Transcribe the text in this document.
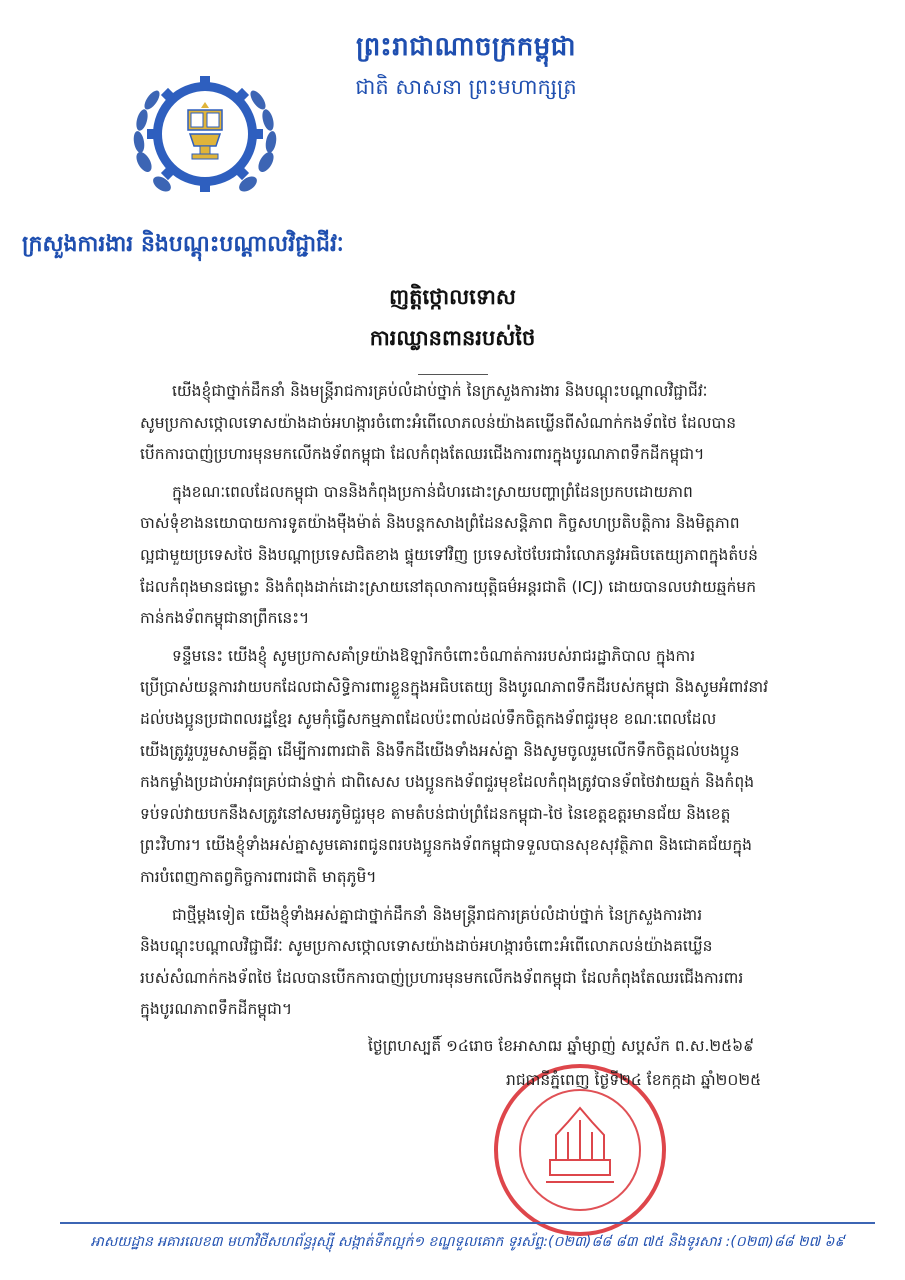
ព្រះរាជាណាចក្រកម្ពុជា
ជាតិ សាសនា ព្រះមហាក្សត្រ
ក្រសួងការងារ និងបណ្តុះបណ្តាលវិជ្ជាជីវៈ
ញត្តិថ្កោលទោស
ការឈ្លានពានរបស់ថៃ

យើងខ្ញុំជាថ្នាក់ដឹកនាំ និងមន្ត្រីរាជការគ្រប់លំដាប់ថ្នាក់ នៃក្រសួងការងារ និងបណ្តុះបណ្តាលវិជ្ជាជីវៈ
សូមប្រកាសថ្កោលទោសយ៉ាងដាច់អហង្ការចំពោះអំពើលោភលន់យ៉ាងគឃ្លើនពីសំណាក់កងទ័ពថៃ ដែលបាន
បើកការបាញ់ប្រហារមុនមកលើកងទ័ពកម្ពុជា ដែលកំពុងតែឈរជើងការពារក្នុងបូរណភាពទឹកដីកម្ពុជា។

ក្នុងខណៈពេលដែលកម្ពុជា បាននិងកំពុងប្រកាន់ជំហរដោះស្រាយបញ្ហាព្រំដែនប្រកបដោយភាព
ចាស់ទុំខាងនយោបាយការទូតយ៉ាងម៉ឺងម៉ាត់ និងបន្តកសាងព្រំដែនសន្តិភាព កិច្ចសហប្រតិបត្តិការ និងមិត្តភាព
ល្អជាមួយប្រទេសថៃ និងបណ្តាប្រទេសជិតខាង ផ្ទុយទៅវិញ ប្រទេសថៃបែរជារំលោភនូវអធិបតេយ្យភាពក្នុងតំបន់
ដែលកំពុងមានជម្លោះ និងកំពុងដាក់ដោះស្រាយនៅតុលាការយុត្តិធម៌អន្តរជាតិ (ICJ) ដោយបានលបវាយឆ្មក់មក
កាន់កងទ័ពកម្ពុជានាព្រឹកនេះ។

ទន្ទឹមនេះ យើងខ្ញុំ សូមប្រកាសគាំទ្រយ៉ាងឱឡារិកចំពោះចំណាត់ការរបស់រាជរដ្ឋាភិបាល ក្នុងការ
ប្រើប្រាស់យន្តការវាយបកដែលជាសិទ្ធិការពារខ្លួនក្នុងអធិបតេយ្យ និងបូរណភាពទឹកដីរបស់កម្ពុជា និងសូមអំពាវនាវ
ដល់បងប្អូនប្រជាពលរដ្ឋខ្មែរ សូមកុំធ្វើសកម្មភាពដែលប៉ះពាល់ដល់ទឹកចិត្តកងទ័ពជួរមុខ ខណៈពេលដែល
យើងត្រូវរួបរួមសាមគ្គីគ្នា ដើម្បីការពារជាតិ និងទឹកដីយើងទាំងអស់គ្នា និងសូមចូលរួមលើកទឹកចិត្តដល់បងប្អូន
កងកម្លាំងប្រដាប់អាវុធគ្រប់ជាន់ថ្នាក់ ជាពិសេស បងប្អូនកងទ័ពជួរមុខដែលកំពុងត្រូវបានទ័ពថៃវាយឆ្មក់ និងកំពុង
ទប់ទល់វាយបកនឹងសត្រូវនៅសមរភូមិជួរមុខ តាមតំបន់ជាប់ព្រំដែនកម្ពុជា-ថៃ នៃខេត្តឧត្តរមានជ័យ និងខេត្ត
ព្រះវិហារ។ យើងខ្ញុំទាំងអស់គ្នាសូមគោរពជូនពរបងប្អូនកងទ័ពកម្ពុជាទទួលបានសុខសុវត្ថិភាព និងជោគជ័យក្នុង
ការបំពេញកាតព្វកិច្ចការពារជាតិ មាតុភូមិ។

ជាថ្មីម្តងទៀត យើងខ្ញុំទាំងអស់គ្នាជាថ្នាក់ដឹកនាំ និងមន្ត្រីរាជការគ្រប់លំដាប់ថ្នាក់ នៃក្រសួងការងារ
និងបណ្តុះបណ្តាលវិជ្ជាជីវៈ សូមប្រកាសថ្កោលទោសយ៉ាងដាច់អហង្ការចំពោះអំពើលោភលន់យ៉ាងគឃ្លើន
របស់សំណាក់កងទ័ពថៃ ដែលបានបើកការបាញ់ប្រហារមុនមកលើកងទ័ពកម្ពុជា ដែលកំពុងតែឈរជើងការពារ
ក្នុងបូរណភាពទឹកដីកម្ពុជា។

ថ្ងៃព្រហស្បតិ៍ ១៤រោច ខែអាសាឍ ឆ្នាំម្សាញ់ សប្តស័ក ព.ស.២៥៦៩
រាជធានីភ្នំពេញ ថ្ងៃទី២៤ ខែកក្កដា ឆ្នាំ២០២៥
អាសយដ្ឋាន អគារលេខ៣ មហាវិថីសហព័ន្ធរុស្ស៊ី សង្កាត់ទឹកល្អក់១ ខណ្ឌទួលគោក ទូរស័ព្ទ:(០២៣)៨៨ ៨៣ ៧៥ និងទូរសារ :(០២៣)៨៨ ២៧ ៦៩
